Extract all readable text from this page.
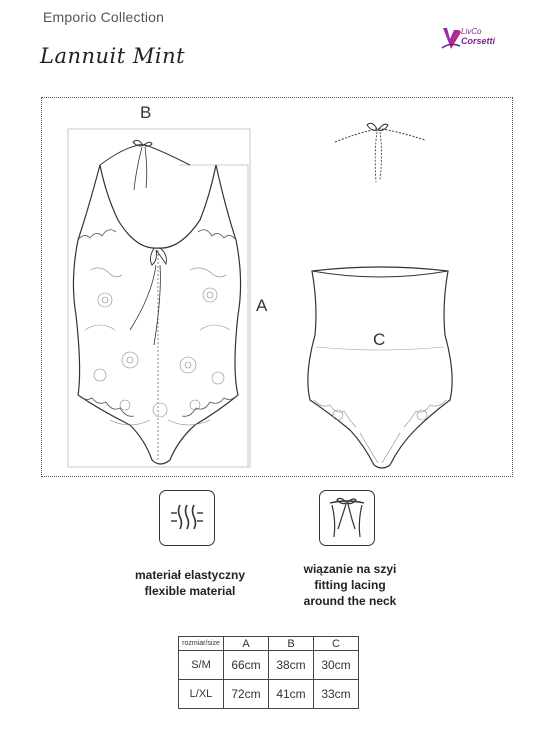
Emporio Collection
Lannuit Mint
LivCo
Corsetti
B
A
C
materiał elastyczny
flexible material
wiązanie na szyi
fitting lacing
around the neck
rozmiar/size	A	B	C
S/M	66cm	38cm	30cm
L/XL	72cm	41cm	33cm
